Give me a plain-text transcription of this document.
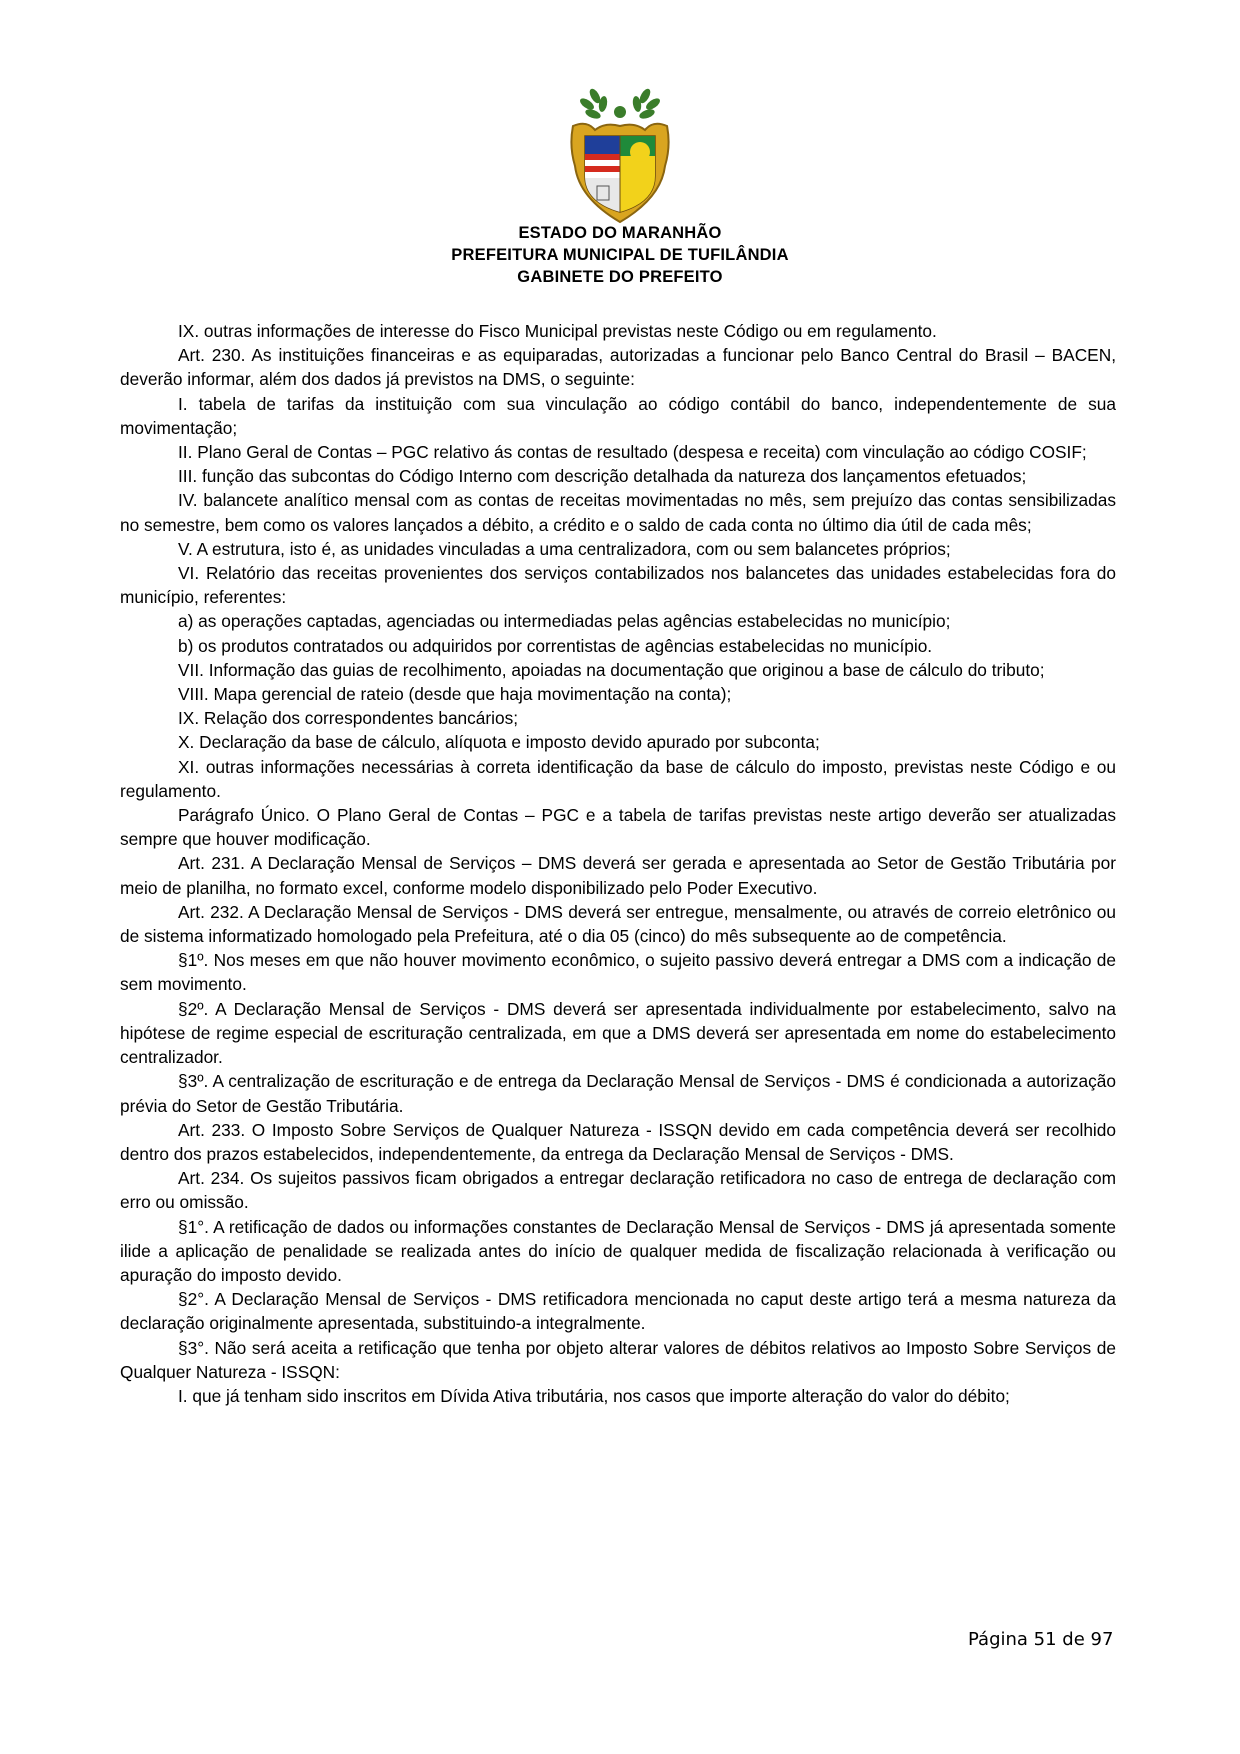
ESTADO DO MARANHÃO
PREFEITURA MUNICIPAL DE TUFILÂNDIA
GABINETE DO PREFEITO

IX. outras informações de interesse do Fisco Municipal previstas neste Código ou em regulamento.

Art. 230. As instituições financeiras e as equiparadas, autorizadas a funcionar pelo Banco Central do Brasil – BACEN, deverão informar, além dos dados já previstos na DMS, o seguinte:

I. tabela de tarifas da instituição com sua vinculação ao código contábil do banco, independentemente de sua movimentação;

II. Plano Geral de Contas – PGC relativo ás contas de resultado (despesa e receita) com vinculação ao código COSIF;

III. função das subcontas do Código Interno com descrição detalhada da natureza dos lançamentos efetuados;

IV. balancete analítico mensal com as contas de receitas movimentadas no mês, sem prejuízo das contas sensibilizadas no semestre, bem como os valores lançados a débito, a crédito e o saldo de cada conta no último dia útil de cada mês;

V. A estrutura, isto é, as unidades vinculadas a uma centralizadora, com ou sem balancetes próprios;

VI. Relatório das receitas provenientes dos serviços contabilizados nos balancetes das unidades estabelecidas fora do município, referentes:

a) as operações captadas, agenciadas ou intermediadas pelas agências estabelecidas no município;

b) os produtos contratados ou adquiridos por correntistas de agências estabelecidas no município.

VII. Informação das guias de recolhimento, apoiadas na documentação que originou a base de cálculo do tributo;

VIII. Mapa gerencial de rateio (desde que haja movimentação na conta);

IX. Relação dos correspondentes bancários;

X. Declaração da base de cálculo, alíquota e imposto devido apurado por subconta;

XI. outras informações necessárias à correta identificação da base de cálculo do imposto, previstas neste Código e ou regulamento.

Parágrafo Único. O Plano Geral de Contas – PGC e a tabela de tarifas previstas neste artigo deverão ser atualizadas sempre que houver modificação.

Art. 231. A Declaração Mensal de Serviços – DMS deverá ser gerada e apresentada ao Setor de Gestão Tributária por meio de planilha, no formato excel, conforme modelo disponibilizado pelo Poder Executivo.

Art. 232. A Declaração Mensal de Serviços - DMS deverá ser entregue, mensalmente, ou através de correio eletrônico ou de sistema informatizado homologado pela Prefeitura, até o dia 05 (cinco) do mês subsequente ao de competência.

§1º. Nos meses em que não houver movimento econômico, o sujeito passivo deverá entregar a DMS com a indicação de sem movimento.

§2º. A Declaração Mensal de Serviços - DMS deverá ser apresentada individualmente por estabelecimento, salvo na hipótese de regime especial de escrituração centralizada, em que a DMS deverá ser apresentada em nome do estabelecimento centralizador.

§3º. A centralização de escrituração e de entrega da Declaração Mensal de Serviços - DMS é condicionada a autorização prévia do Setor de Gestão Tributária.

Art. 233. O Imposto Sobre Serviços de Qualquer Natureza - ISSQN devido em cada competência deverá ser recolhido dentro dos prazos estabelecidos, independentemente, da entrega da Declaração Mensal de Serviços - DMS.

Art. 234. Os sujeitos passivos ficam obrigados a entregar declaração retificadora no caso de entrega de declaração com erro ou omissão.

§1°. A retificação de dados ou informações constantes de Declaração Mensal de Serviços - DMS já apresentada somente ilide a aplicação de penalidade se realizada antes do início de qualquer medida de fiscalização relacionada à verificação ou apuração do imposto devido.

§2°. A Declaração Mensal de Serviços - DMS retificadora mencionada no caput deste artigo terá a mesma natureza da declaração originalmente apresentada, substituindo-a integralmente.

§3°. Não será aceita a retificação que tenha por objeto alterar valores de débitos relativos ao Imposto Sobre Serviços de Qualquer Natureza - ISSQN:

I. que já tenham sido inscritos em Dívida Ativa tributária, nos casos que importe alteração do valor do débito;

Página 51 de 97
